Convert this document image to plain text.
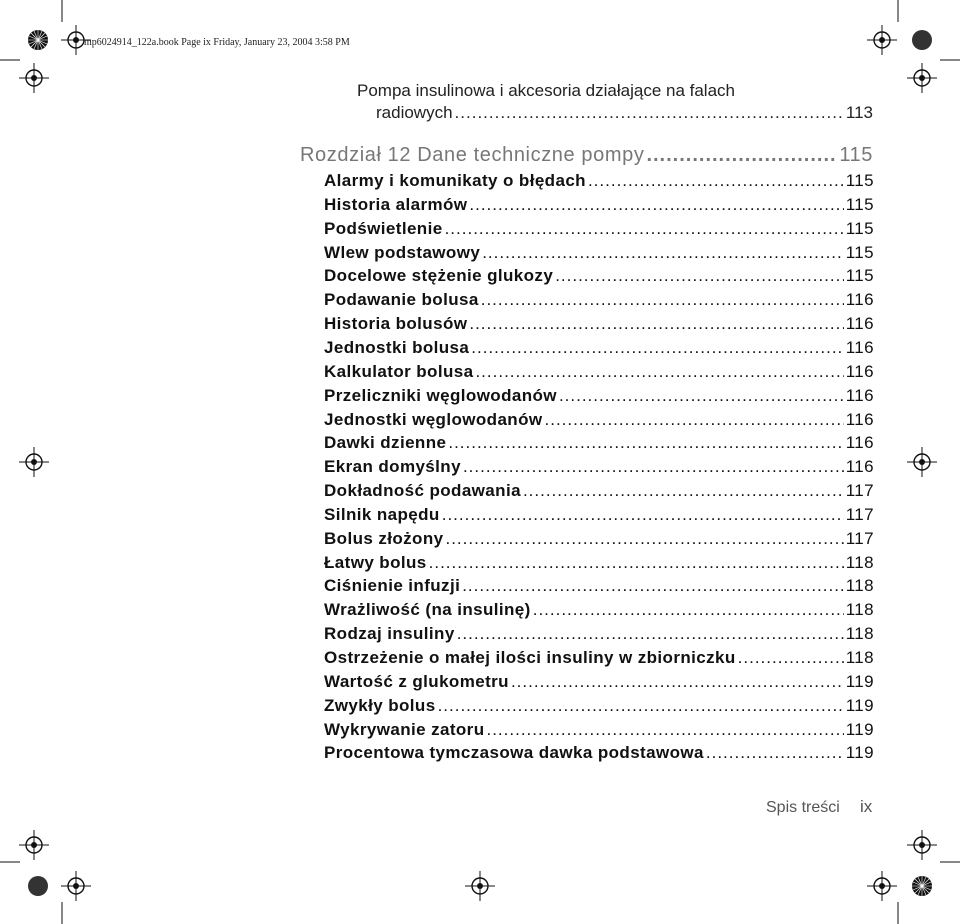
mp6024914_122a.book Page ix Friday, January 23, 2004 3:58 PM
Pompa insulinowa i akcesoria działające na falach
radiowych .....	113
Rozdział 12 Dane techniczne pompy .....	115
Alarmy i komunikaty o błędach .....	115
Historia alarmów .....	115
Podświetlenie .....	115
Wlew podstawowy .....	115
Docelowe stężenie glukozy .....	115
Podawanie bolusa .....	116
Historia bolusów .....	116
Jednostki bolusa .....	116
Kalkulator bolusa .....	116
Przeliczniki węglowodanów .....	116
Jednostki węglowodanów .....	116
Dawki dzienne .....	116
Ekran domyślny .....	116
Dokładność podawania .....	117
Silnik napędu .....	117
Bolus złożony .....	117
Łatwy bolus .....	118
Ciśnienie infuzji .....	118
Wrażliwość (na insulinę) .....	118
Rodzaj insuliny .....	118
Ostrzeżenie o małej ilości insuliny w zbiorniczku .....	118
Wartość z glukometru .....	119
Zwykły bolus .....	119
Wykrywanie zatoru .....	119
Procentowa tymczasowa dawka podstawowa .....	119
Spis treści ix
